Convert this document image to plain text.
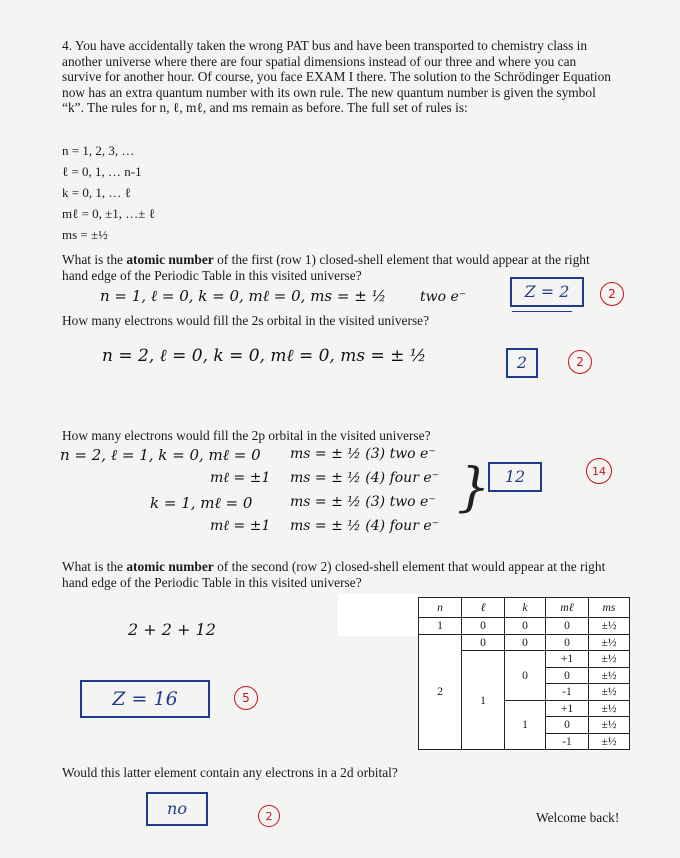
4. You have accidentally taken the wrong PAT bus and have been transported to chemistry class in another universe where there are four spatial dimensions instead of our three and where you can survive for another hour. Of course, you face EXAM I there. The solution to the Schrödinger Equation now has an extra quantum number with its own rule. The new quantum number is given the symbol “k”. The rules for n, ℓ, mℓ, and ms remain as before. The full set of rules is:
n = 1, 2, 3, …
ℓ = 0, 1, … n-1
k = 0, 1, … ℓ
mℓ = 0, ±1, …± ℓ
ms = ±½
What is the atomic number of the first (row 1) closed-shell element that would appear at the right hand edge of the Periodic Table in this visited universe?
n = 1, ℓ = 0, k = 0, mℓ = 0, ms = ± ½ two e⁻	Z = 2	2
How many electrons would fill the 2s orbital in the visited universe?
n = 2, ℓ = 0, k = 0, mℓ = 0, ms = ± ½	2	2
How many electrons would fill the 2p orbital in the visited universe?
n = 2, ℓ = 1, k = 0, mℓ = 0 ms = ± ½ (3) two e⁻
mℓ = ±1 ms = ± ½ (4) four e⁻
k = 1, mℓ = 0	ms = ± ½ (3) two e⁻
mℓ = ±1 ms = ± ½ (4) four e⁻
} 12	14
What is the atomic number of the second (row 2) closed-shell element that would appear at the right hand edge of the Periodic Table in this visited universe?
2 + 2 + 12
Z = 16	5
n	ℓ	k	mℓ	ms
1	0	0	0	±½
2	0	0	0	±½
	1	0	+1	±½
			0	±½
			-1	±½
		1	+1	±½
			0	±½
			-1	±½
Would this latter element contain any electrons in a 2d orbital?
no	2	Welcome back!
